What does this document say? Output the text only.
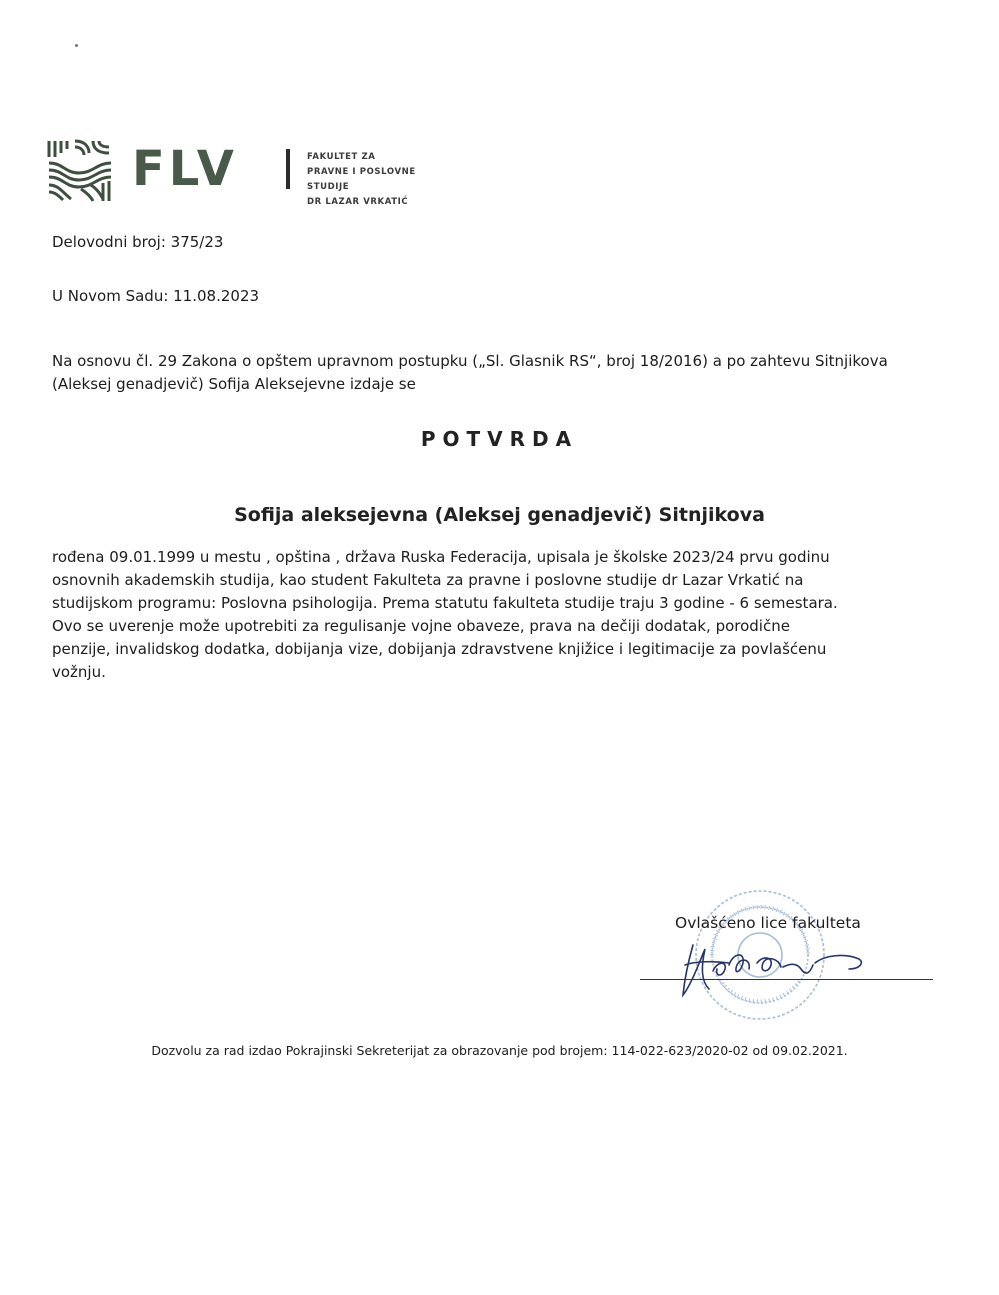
FLV	FAKULTET ZA
PRAVNE I POSLOVNE STUDIJE
DR LAZAR VRKATIĆ
Delovodni broj: 375/23
U Novom Sadu: 11.08.2023
Na osnovu čl. 29 Zakona o opštem upravnom postupku („Sl. Glasnik RS“, broj 18/2016) a po zahtevu Sitnjikova (Aleksej genadjevič) Sofija Aleksejevne izdaje se
POTVRDA
Sofija aleksejevna (Aleksej genadjevič) Sitnjikova

rođena 09.01.1999 u mestu , opština , država Ruska Federacija, upisala je školske 2023/24 prvu godinu

osnovnih akademskih studija, kao student Fakulteta za pravne i poslovne studije dr Lazar Vrkatić na

studijskom programu: Poslovna psihologija. Prema statutu fakulteta studije traju 3 godine - 6 semestara.

Ovo se uverenje može upotrebiti za regulisanje vojne obaveze, prava na dečiji dodatak, porodične

penzije, invalidskog dodatka, dobijanja vize, dobijanja zdravstvene knjižice i legitimacije za povlašćenu

vožnju.

Ovlašćeno lice fakulteta
Dozvolu za rad izdao Pokrajinski Sekreterijat za obrazovanje pod brojem: 114-022-623/2020-02 od 09.02.2021.
